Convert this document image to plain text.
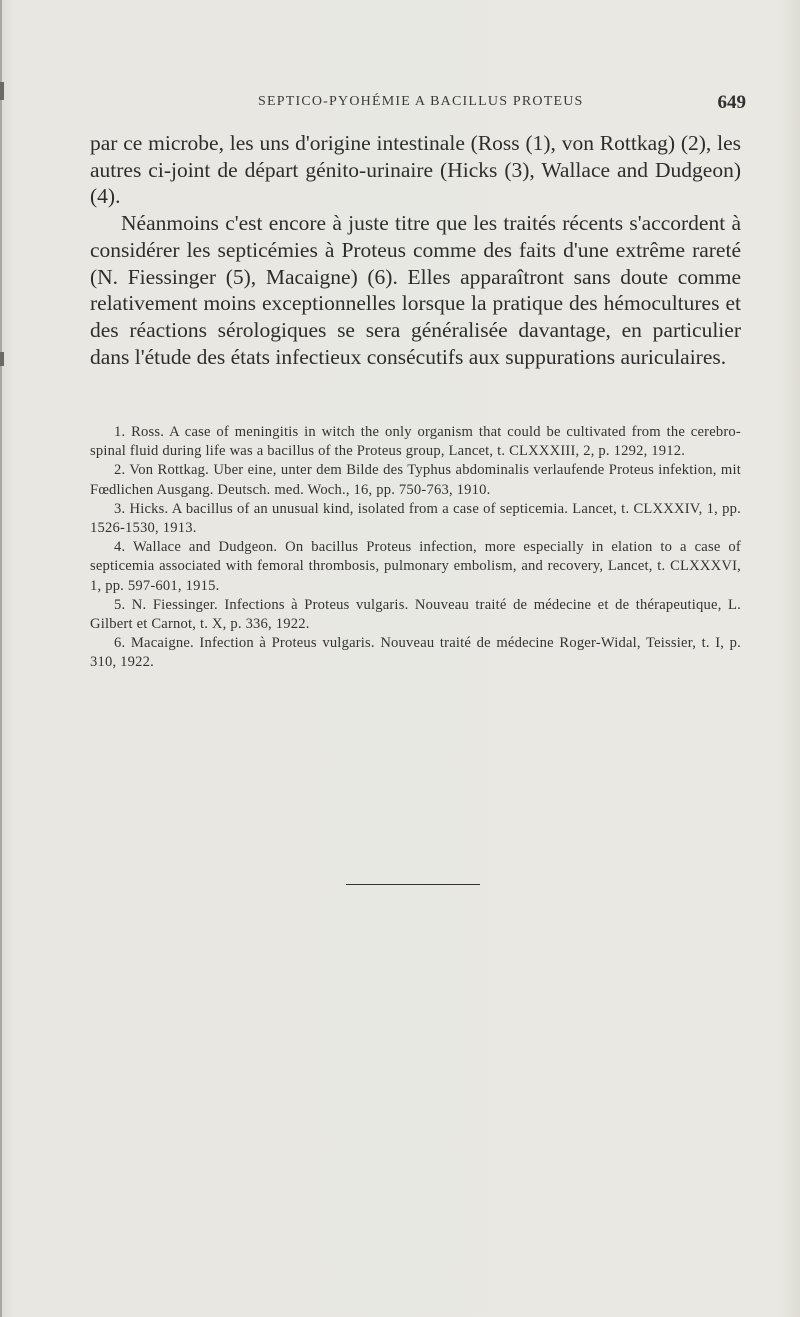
SEPTICO-PYOHÉMIE A BACILLUS PROTEUS	649

par ce microbe, les uns d'origine intestinale (Ross (1), von Rottkag) (2), les autres ci-joint de départ génito-urinaire (Hicks (3), Wallace and Dudgeon) (4).

Néanmoins c'est encore à juste titre que les traités récents s'accordent à considérer les septicémies à Proteus comme des faits d'une extrême rareté (N. Fiessinger (5), Macaigne) (6). Elles apparaîtront sans doute comme relativement moins exceptionnelles lorsque la pratique des hémocultures et des réactions sérologiques se sera généralisée davantage, en particulier dans l'étude des états infectieux consécutifs aux suppurations auriculaires.

1. Ross. A case of meningitis in witch the only organism that could be cultivated from the cerebro-spinal fluid during life was a bacillus of the Proteus group, Lancet, t. CLXXXIII, 2, p. 1292, 1912.

2. Von Rottkag. Uber eine, unter dem Bilde des Typhus abdominalis verlaufende Proteus infektion, mit Fœdlichen Ausgang. Deutsch. med. Woch., 16, pp. 750-763, 1910.

3. Hicks. A bacillus of an unusual kind, isolated from a case of septicemia. Lancet, t. CLXXXIV, 1, pp. 1526-1530, 1913.

4. Wallace and Dudgeon. On bacillus Proteus infection, more especially in elation to a case of septicemia associated with femoral thrombosis, pulmonary embolism, and recovery, Lancet, t. CLXXXVI, 1, pp. 597-601, 1915.

5. N. Fiessinger. Infections à Proteus vulgaris. Nouveau traité de médecine et de thérapeutique, L. Gilbert et Carnot, t. X, p. 336, 1922.

6. Macaigne. Infection à Proteus vulgaris. Nouveau traité de médecine Roger-Widal, Teissier, t. I, p. 310, 1922.
